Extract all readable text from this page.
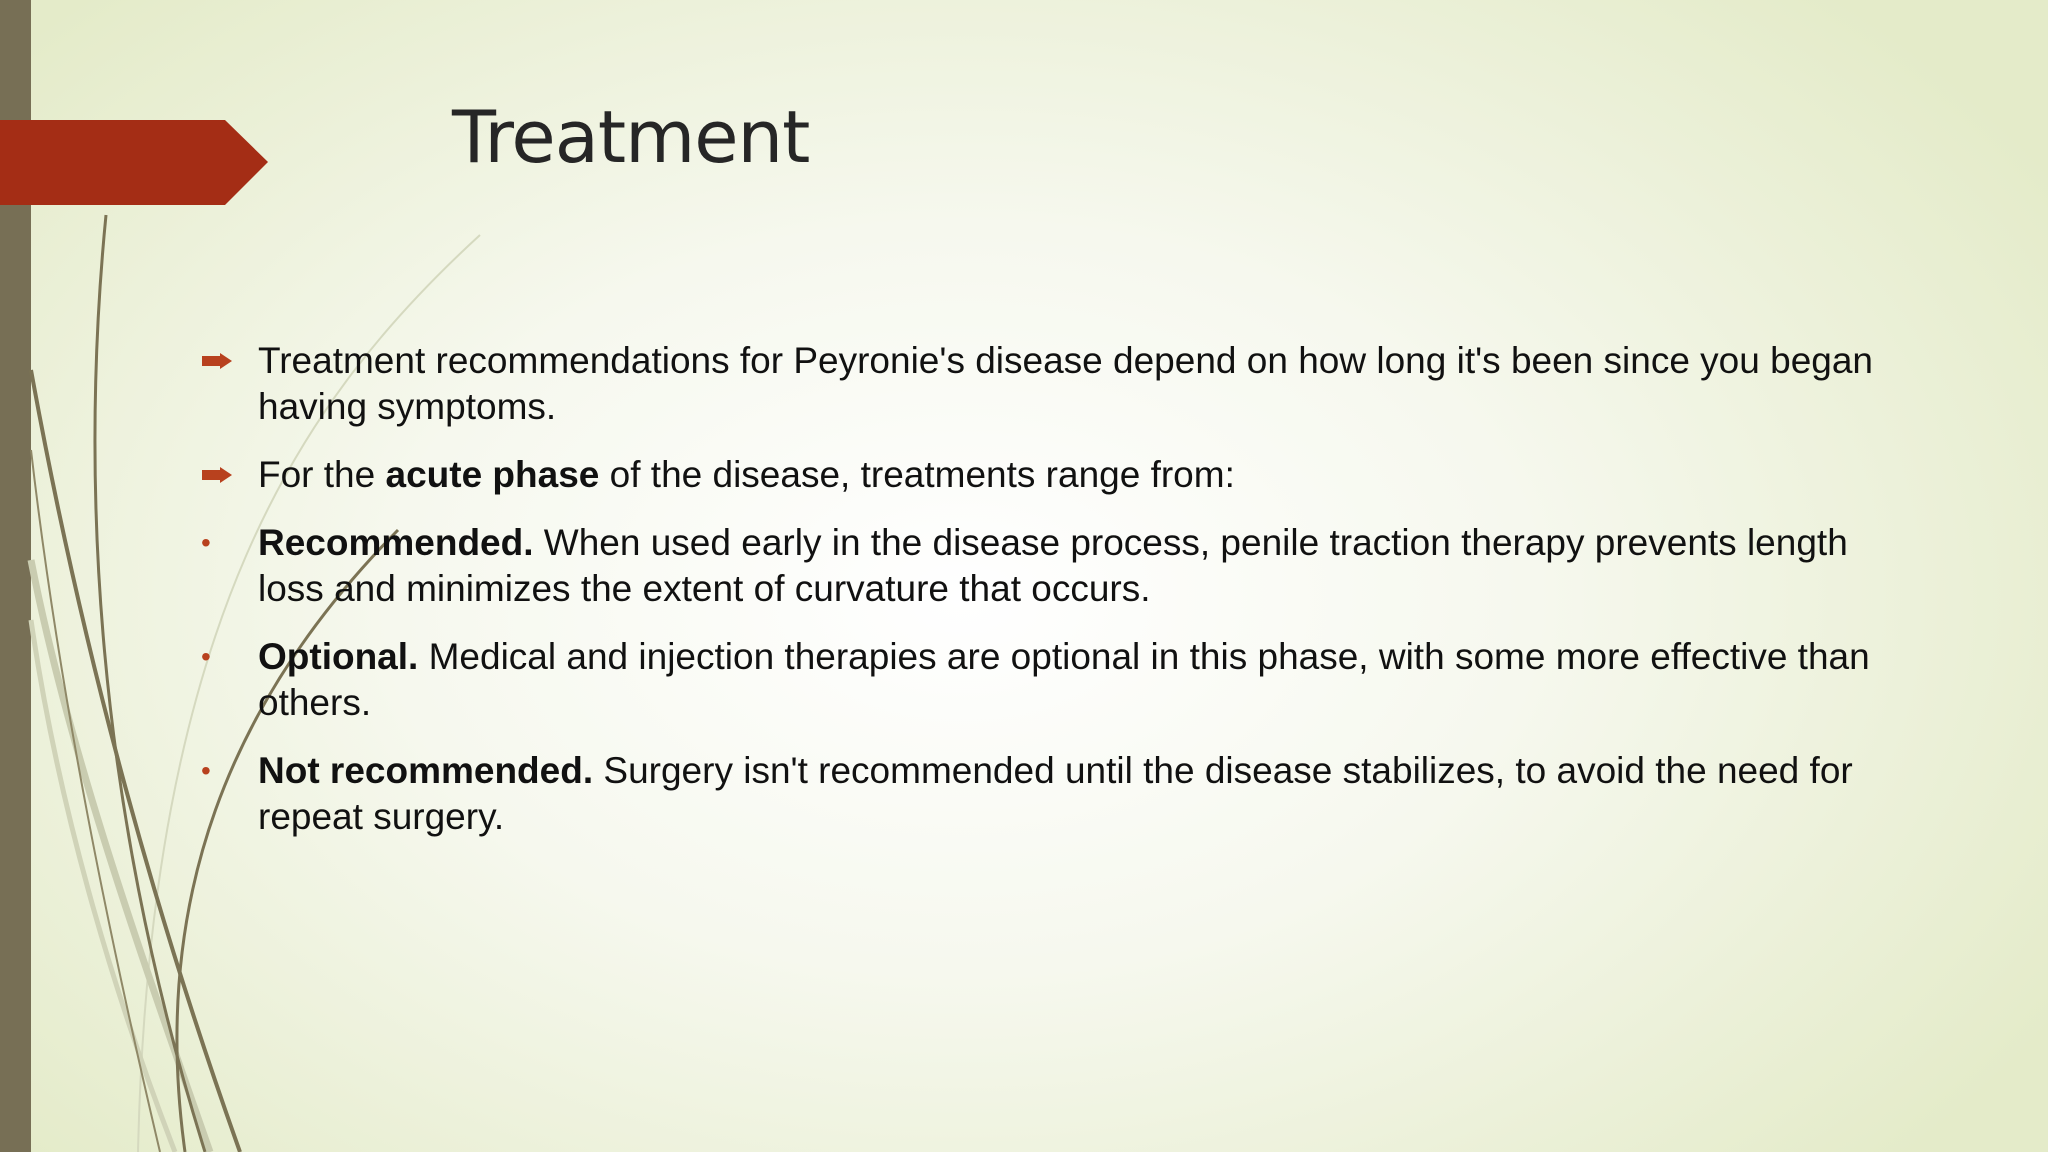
Treatment
Treatment recommendations for Peyronie's disease depend on how long it's been since you began having symptoms.
For the acute phase of the disease, treatments range from:
• Recommended. When used early in the disease process, penile traction therapy prevents length loss and minimizes the extent of curvature that occurs.
• Optional. Medical and injection therapies are optional in this phase, with some more effective than others.
• Not recommended. Surgery isn't recommended until the disease stabilizes, to avoid the need for repeat surgery.
